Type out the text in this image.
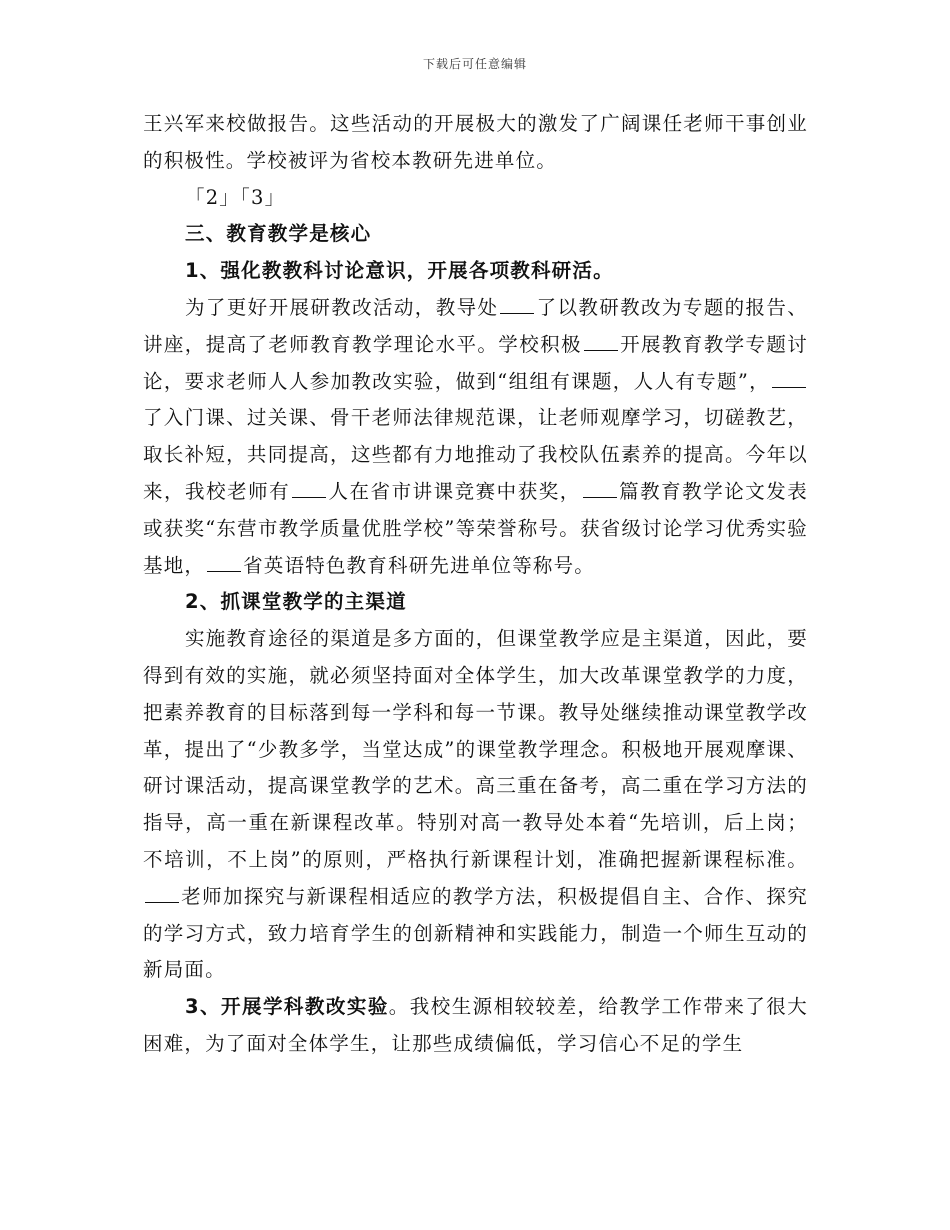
下载后可任意编辑

王兴军来校做报告。这些活动的开展极大的激发了广阔课任老师干事创业的积极性。学校被评为省校本教研先进单位。

「2」「3」

三、教育教学是核心

1、强化教教科讨论意识，开展各项教科研活。

为了更好开展研教改活动，教导处 了以教研教改为专题的报告、讲座，提高了老师教育教学理论水平。学校积极 开展教育教学专题讨论，要求老师人人参加教改实验，做到“组组有课题，人人有专题”，了入门课、过关课、骨干老师法律规范课，让老师观摩学习，切磋教艺，取长补短，共同提高，这些都有力地推动了我校队伍素养的提高。今年以来，我校老师有 人在省市讲课竞赛中获奖， 篇教育教学论文发表或获奖“东营市教学质量优胜学校”等荣誉称号。获省级讨论学习优秀实验基地， 省英语特色教育科研先进单位等称号。

2、抓课堂教学的主渠道

实施教育途径的渠道是多方面的，但课堂教学应是主渠道，因此，要得到有效的实施，就必须坚持面对全体学生，加大改革课堂教学的力度，把素养教育的目标落到每一学科和每一节课。教导处继续推动课堂教学改革，提出了“少教多学，当堂达成”的课堂教学理念。积极地开展观摩课、研讨课活动，提高课堂教学的艺术。高三重在备考，高二重在学习方法的指导，高一重在新课程改革。特别对高一教导处本着“先培训，后上岗；不培训，不上岗”的原则，严格执行新课程计划，准确把握新课程标准。老师加探究与新课程相适应的教学方法，积极提倡自主、合作、探究的学习方式，致力培育学生的创新精神和实践能力，制造一个师生互动的新局面。

3、开展学科教改实验。我校生源相较较差，给教学工作带来了很大困难，为了面对全体学生，让那些成绩偏低，学习信心不足的学生
